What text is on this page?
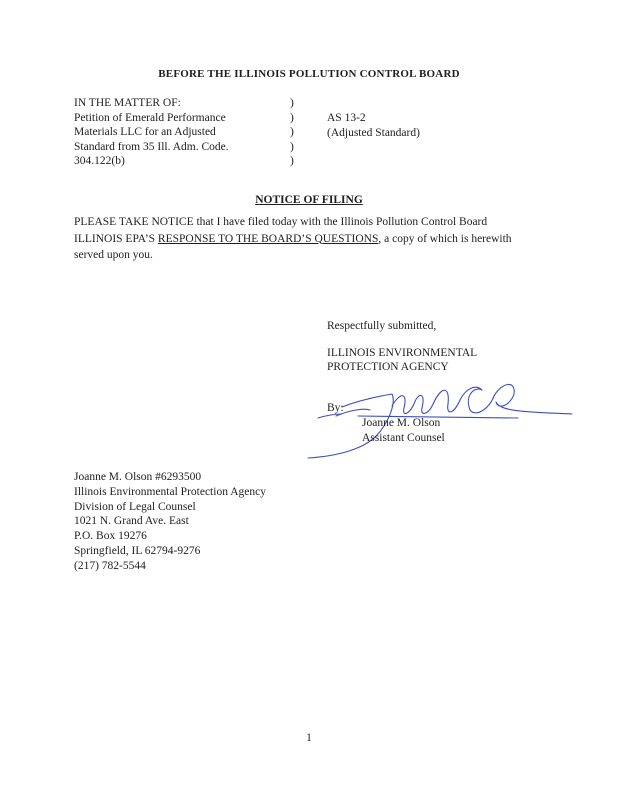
BEFORE THE ILLINOIS POLLUTION CONTROL BOARD
IN THE MATTER OF:
Petition of Emerald Performance
Materials LLC for an Adjusted
Standard from 35 Ill. Adm. Code.
304.122(b)
)
)
)
)
)
AS 13-2
(Adjusted Standard)
NOTICE OF FILING
PLEASE TAKE NOTICE that I have filed today with the Illinois Pollution Control Board
ILLINOIS EPA’S RESPONSE TO THE BOARD’S QUESTIONS, a copy of which is herewith
served upon you.
Respectfully submitted,
ILLINOIS ENVIRONMENTAL
PROTECTION AGENCY
By:
Joanne M. Olson
Assistant Counsel
Joanne M. Olson #6293500
Illinois Environmental Protection Agency
Division of Legal Counsel
1021 N. Grand Ave. East
P.O. Box 19276
Springfield, IL 62794-9276
(217) 782-5544
1
